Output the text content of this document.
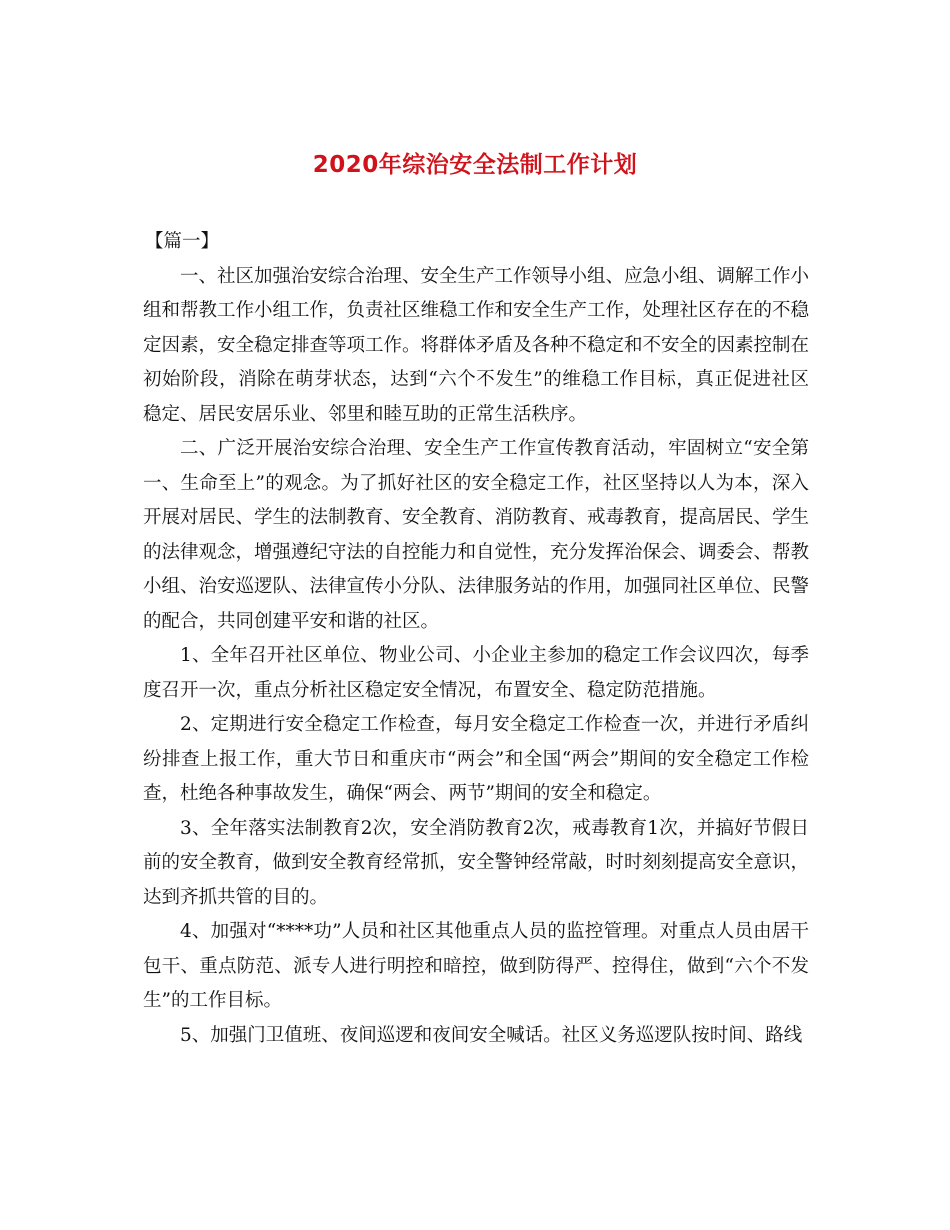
2020年综治安全法制工作计划

【篇一】

一、社区加强治安综合治理、安全生产工作领导小组、应急小组、调解工作小组和帮教工作小组工作，负责社区维稳工作和安全生产工作，处理社区存在的不稳定因素，安全稳定排查等项工作。将群体矛盾及各种不稳定和不安全的因素控制在初始阶段，消除在萌芽状态，达到“六个不发生”的维稳工作目标，真正促进社区稳定、居民安居乐业、邻里和睦互助的正常生活秩序。

二、广泛开展治安综合治理、安全生产工作宣传教育活动，牢固树立“安全第一、生命至上”的观念。为了抓好社区的安全稳定工作，社区坚持以人为本，深入开展对居民、学生的法制教育、安全教育、消防教育、戒毒教育，提高居民、学生的法律观念，增强遵纪守法的自控能力和自觉性，充分发挥治保会、调委会、帮教小组、治安巡逻队、法律宣传小分队、法律服务站的作用，加强同社区单位、民警的配合，共同创建平安和谐的社区。

1、全年召开社区单位、物业公司、小企业主参加的稳定工作会议四次，每季度召开一次，重点分析社区稳定安全情况，布置安全、稳定防范措施。

2、定期进行安全稳定工作检查，每月安全稳定工作检查一次，并进行矛盾纠纷排查上报工作，重大节日和重庆市“两会”和全国“两会”期间的安全稳定工作检查，杜绝各种事故发生，确保“两会、两节”期间的安全和稳定。

3、全年落实法制教育2次，安全消防教育2次，戒毒教育1次，并搞好节假日前的安全教育，做到安全教育经常抓，安全警钟经常敲，时时刻刻提高安全意识，达到齐抓共管的目的。

4、加强对“****功”人员和社区其他重点人员的监控管理。对重点人员由居干包干、重点防范、派专人进行明控和暗控，做到防得严、控得住，做到“六个不发生”的工作目标。

5、加强门卫值班、夜间巡逻和夜间安全喊话。社区义务巡逻队按时间、路线
